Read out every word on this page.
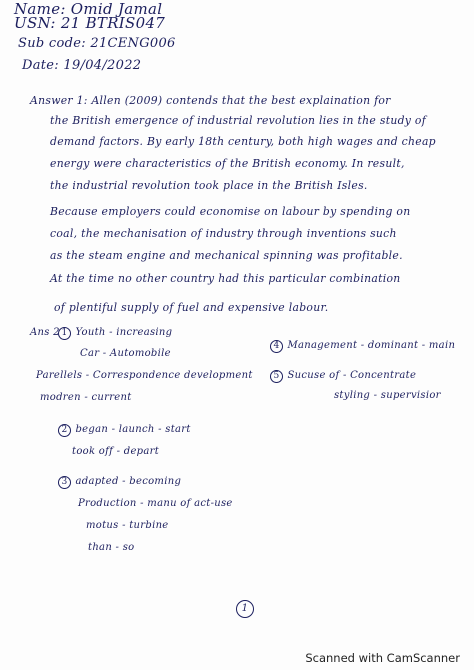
Name: Omid Jamal
USN: 21 BTRIS047
Sub code: 21CENG006
Date: 19/04/2022
Answer 1: Allen (2009) contends that the best explaination for
the British emergence of industrial revolution lies in the study of
demand factors. By early 18th century, both high wages and cheap
energy were characteristics of the British economy. In result,
the industrial revolution took place in the British Isles.
Because employers could economise on labour by spending on
coal, the mechanisation of industry through inventions such
as the steam engine and mechanical spinning was profitable.
At the time no other country had this particular combination
of plentiful supply of fuel and expensive labour.
Ans 2 1 Youth - increasing
Car - Automobile
Parellels - Correspondence development
modren - current
2 began - launch - start
took off - depart
3 adapted - becoming
Production - manu of act-use
motus - turbine
than - so
4 Management - dominant - main
5 Sucuse of - Concentrate
styling - supervisior
1
Scanned with CamScanner
